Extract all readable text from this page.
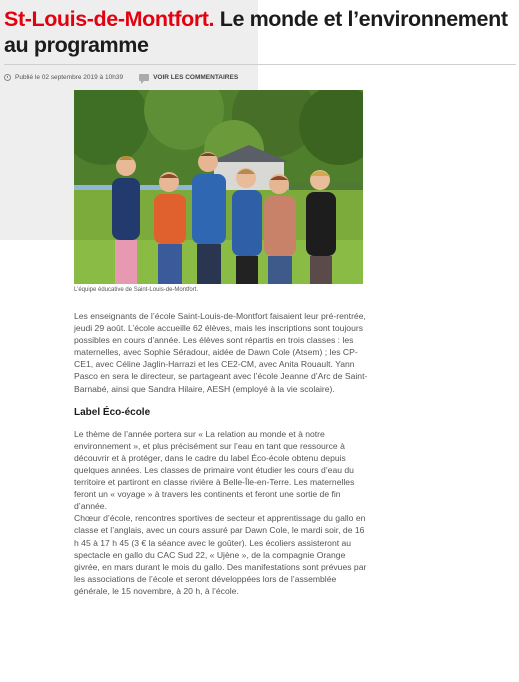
St-Louis-de-Montfort. Le monde et l’environnement au programme
Publié le 02 septembre 2019 à 10h39	VOIR LES COMMENTAIRES
L’équipe éducative de Saint-Louis-de-Montfort.

Les enseignants de l’école Saint-Louis-de-Montfort faisaient leur pré-rentrée, jeudi 29 août. L’école accueille 62 élèves, mais les inscriptions sont toujours possibles en cours d’année. Les élèves sont répartis en trois classes : les maternelles, avec Sophie Séradour, aidée de Dawn Cole (Atsem) ; les CP-CE1, avec Céline Jaglin-Harrazi et les CE2-CM, avec Anita Rouault. Yann Pasco en sera le directeur, se partageant avec l’école Jeanne d’Arc de Saint-Barnabé, ainsi que Sandra Hilaire, AESH (employé à la vie scolaire).

Label Éco-école

Le thème de l’année portera sur « La relation au monde et à notre environnement », et plus précisément sur l’eau en tant que ressource à découvrir et à protéger, dans le cadre du label Éco-école obtenu depuis quelques années. Les classes de primaire vont étudier les cours d’eau du territoire et partiront en classe rivière à Belle-Île-en-Terre. Les maternelles feront un « voyage » à travers les continents et feront une sortie de fin d’année.

Chœur d’école, rencontres sportives de secteur et apprentissage du gallo en classe et l’anglais, avec un cours assuré par Dawn Cole, le mardi soir, de 16 h 45 à 17 h 45 (3 € la séance avec le goûter). Les écoliers assisteront au spectacle en gallo du CAC Sud 22, « Ujène », de la compagnie Orange givrée, en mars durant le mois du gallo. Des manifestations sont prévues par les associations de l’école et seront développées lors de l’assemblée générale, le 15 novembre, à 20 h, à l’école.
